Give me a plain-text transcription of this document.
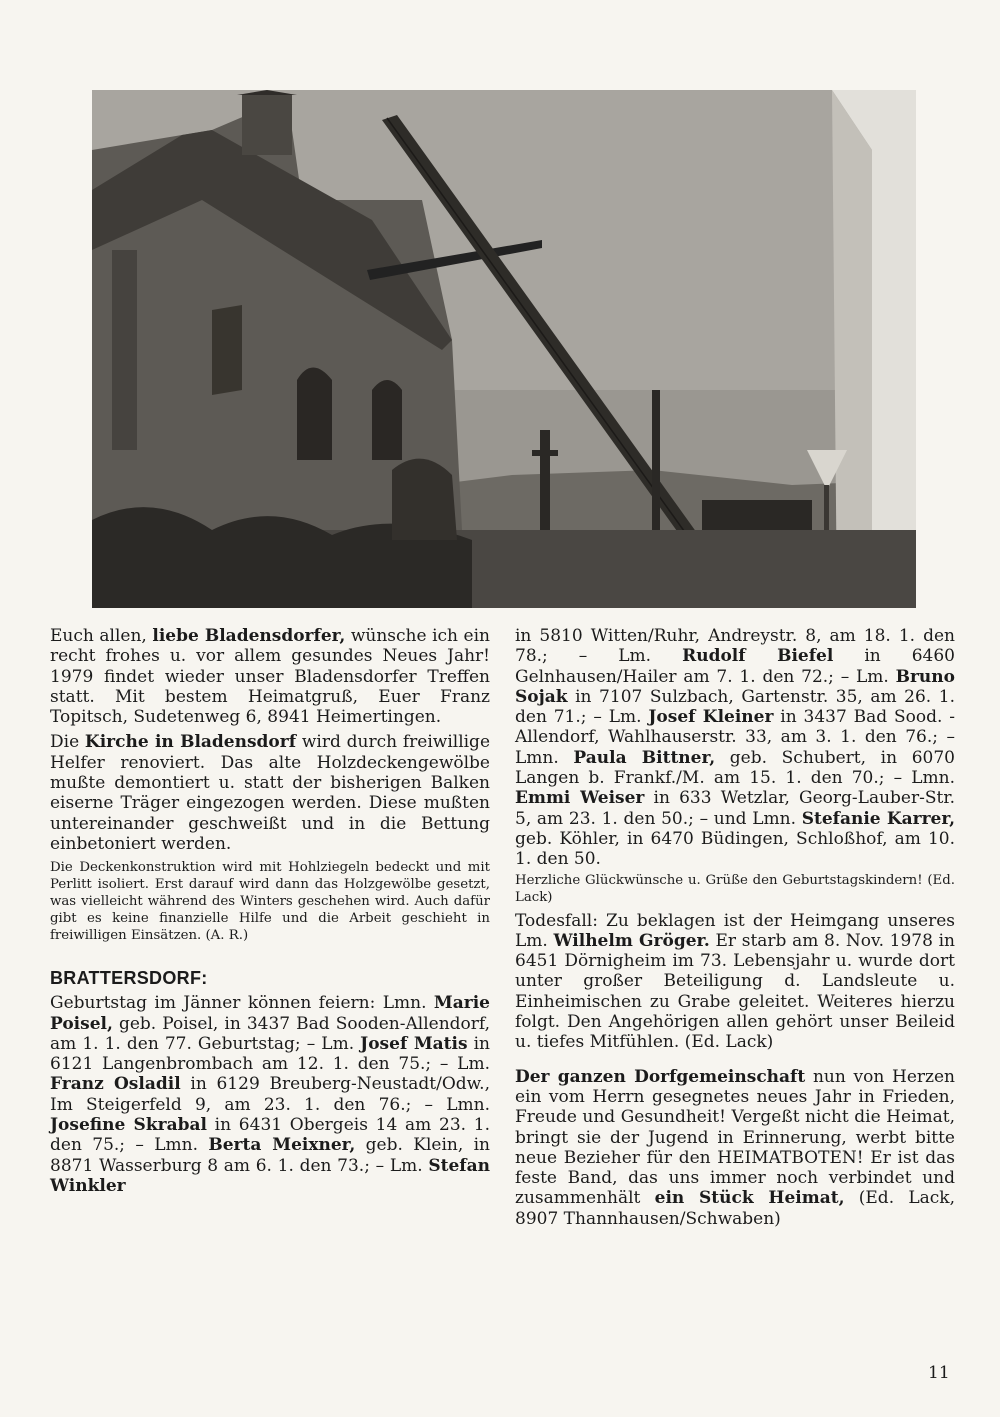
Euch allen, liebe Bladensdorfer, wünsche ich ein recht frohes u. vor allem gesundes Neues Jahr! 1979 findet wieder unser Bladensdorfer Treffen statt. Mit bestem Heimatgruß, Euer Franz Topitsch, Sudetenweg 6, 8941 Heimertingen.

Die Kirche in Bladensdorf wird durch freiwillige Helfer renoviert. Das alte Holzdeckengewölbe mußte demontiert u. statt der bisherigen Balken eiserne Träger eingezogen werden. Diese mußten untereinander geschweißt und in die Bettung einbetoniert werden.

Die Deckenkonstruktion wird mit Hohlziegeln bedeckt und mit Perlitt isoliert. Erst darauf wird dann das Holzgewölbe gesetzt, was vielleicht während des Winters geschehen wird. Auch dafür gibt es keine finanzielle Hilfe und die Arbeit geschieht in freiwilligen Einsätzen. (A. R.)

BRATTERSDORF:

Geburtstag im Jänner können feiern: Lmn. Marie Poisel, geb. Poisel, in 3437 Bad Sooden-Allendorf, am 1. 1. den 77. Geburtstag; – Lm. Josef Matis in 6121 Langenbrombach am 12. 1. den 75.; – Lm. Franz Osladil in 6129 Breuberg-Neustadt/Odw., Im Steigerfeld 9, am 23. 1. den 76.; – Lmn. Josefine Skrabal in 6431 Obergeis 14 am 23. 1. den 75.; – Lmn. Berta Meixner, geb. Klein, in 8871 Wasserburg 8 am 6. 1. den 73.; – Lm. Stefan Winkler

in 5810 Witten/Ruhr, Andreystr. 8, am 18. 1. den 78.; – Lm. Rudolf Biefel in 6460 Gelnhausen/Hailer am 7. 1. den 72.; – Lm. Bruno Sojak in 7107 Sulzbach, Gartenstr. 35, am 26. 1. den 71.; – Lm. Josef Kleiner in 3437 Bad Sood. -Allendorf, Wahlhauserstr. 33, am 3. 1. den 76.; – Lmn. Paula Bittner, geb. Schubert, in 6070 Langen b. Frankf./M. am 15. 1. den 70.; – Lmn. Emmi Weiser in 633 Wetzlar, Georg-Lauber-Str. 5, am 23. 1. den 50.; – und Lmn. Stefanie Karrer, geb. Köhler, in 6470 Büdingen, Schloßhof, am 10. 1. den 50.

Herzliche Glückwünsche u. Grüße den Geburtstagskindern! (Ed. Lack)

Todesfall: Zu beklagen ist der Heimgang unseres Lm. Wilhelm Gröger. Er starb am 8. Nov. 1978 in 6451 Dörnigheim im 73. Lebensjahr u. wurde dort unter großer Beteiligung d. Landsleute u. Einheimischen zu Grabe geleitet. Weiteres hierzu folgt. Den Angehörigen allen gehört unser Beileid u. tiefes Mitfühlen. (Ed. Lack)

Der ganzen Dorfgemeinschaft nun von Herzen ein vom Herrn gesegnetes neues Jahr in Frieden, Freude und Gesundheit! Vergeßt nicht die Heimat, bringt sie der Jugend in Erinnerung, werbt bitte neue Bezieher für den HEIMATBOTEN! Er ist das feste Band, das uns immer noch verbindet und zusammenhält ein Stück Heimat, (Ed. Lack, 8907 Thannhausen/Schwaben)

11
